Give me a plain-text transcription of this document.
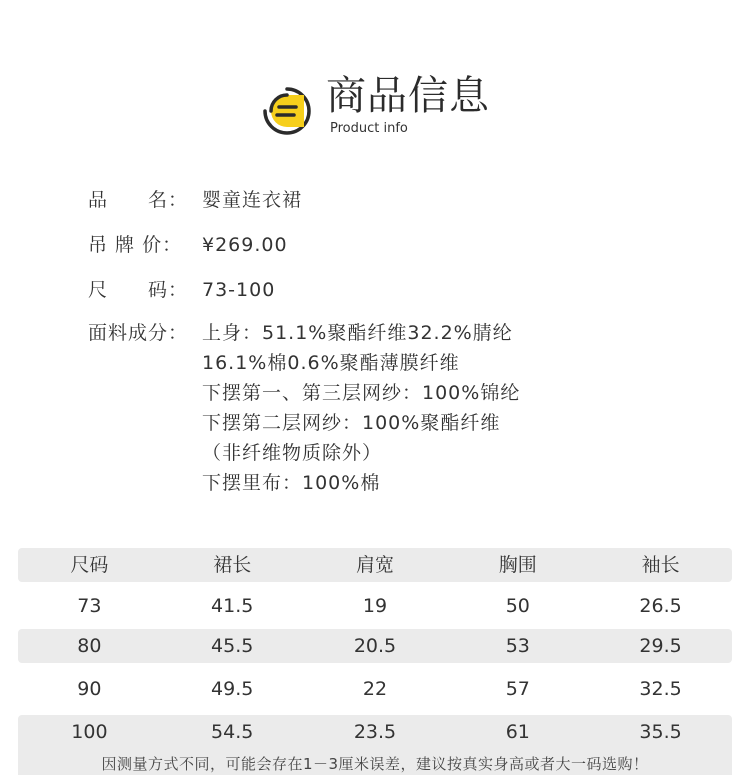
商品信息
Product info
品　　名： 婴童连衣裙
吊 牌 价：	¥269.00
尺　　码： 73-100
面料成分： 上身：51.1%聚酯纤维32.2%腈纶
16.1%棉0.6%聚酯薄膜纤维
下摆第一、第三层网纱：100%锦纶
下摆第二层网纱：100%聚酯纤维
（非纤维物质除外）
下摆里布：100%棉
尺码	裙长	肩宽	胸围	袖长
73	41.5	19	50	26.5
80	45.5	20.5	53	29.5
90	49.5	22	57	32.5
100	54.5	23.5	61	35.5
因测量方式不同，可能会存在1－3厘米误差，建议按真实身高或者大一码选购！
